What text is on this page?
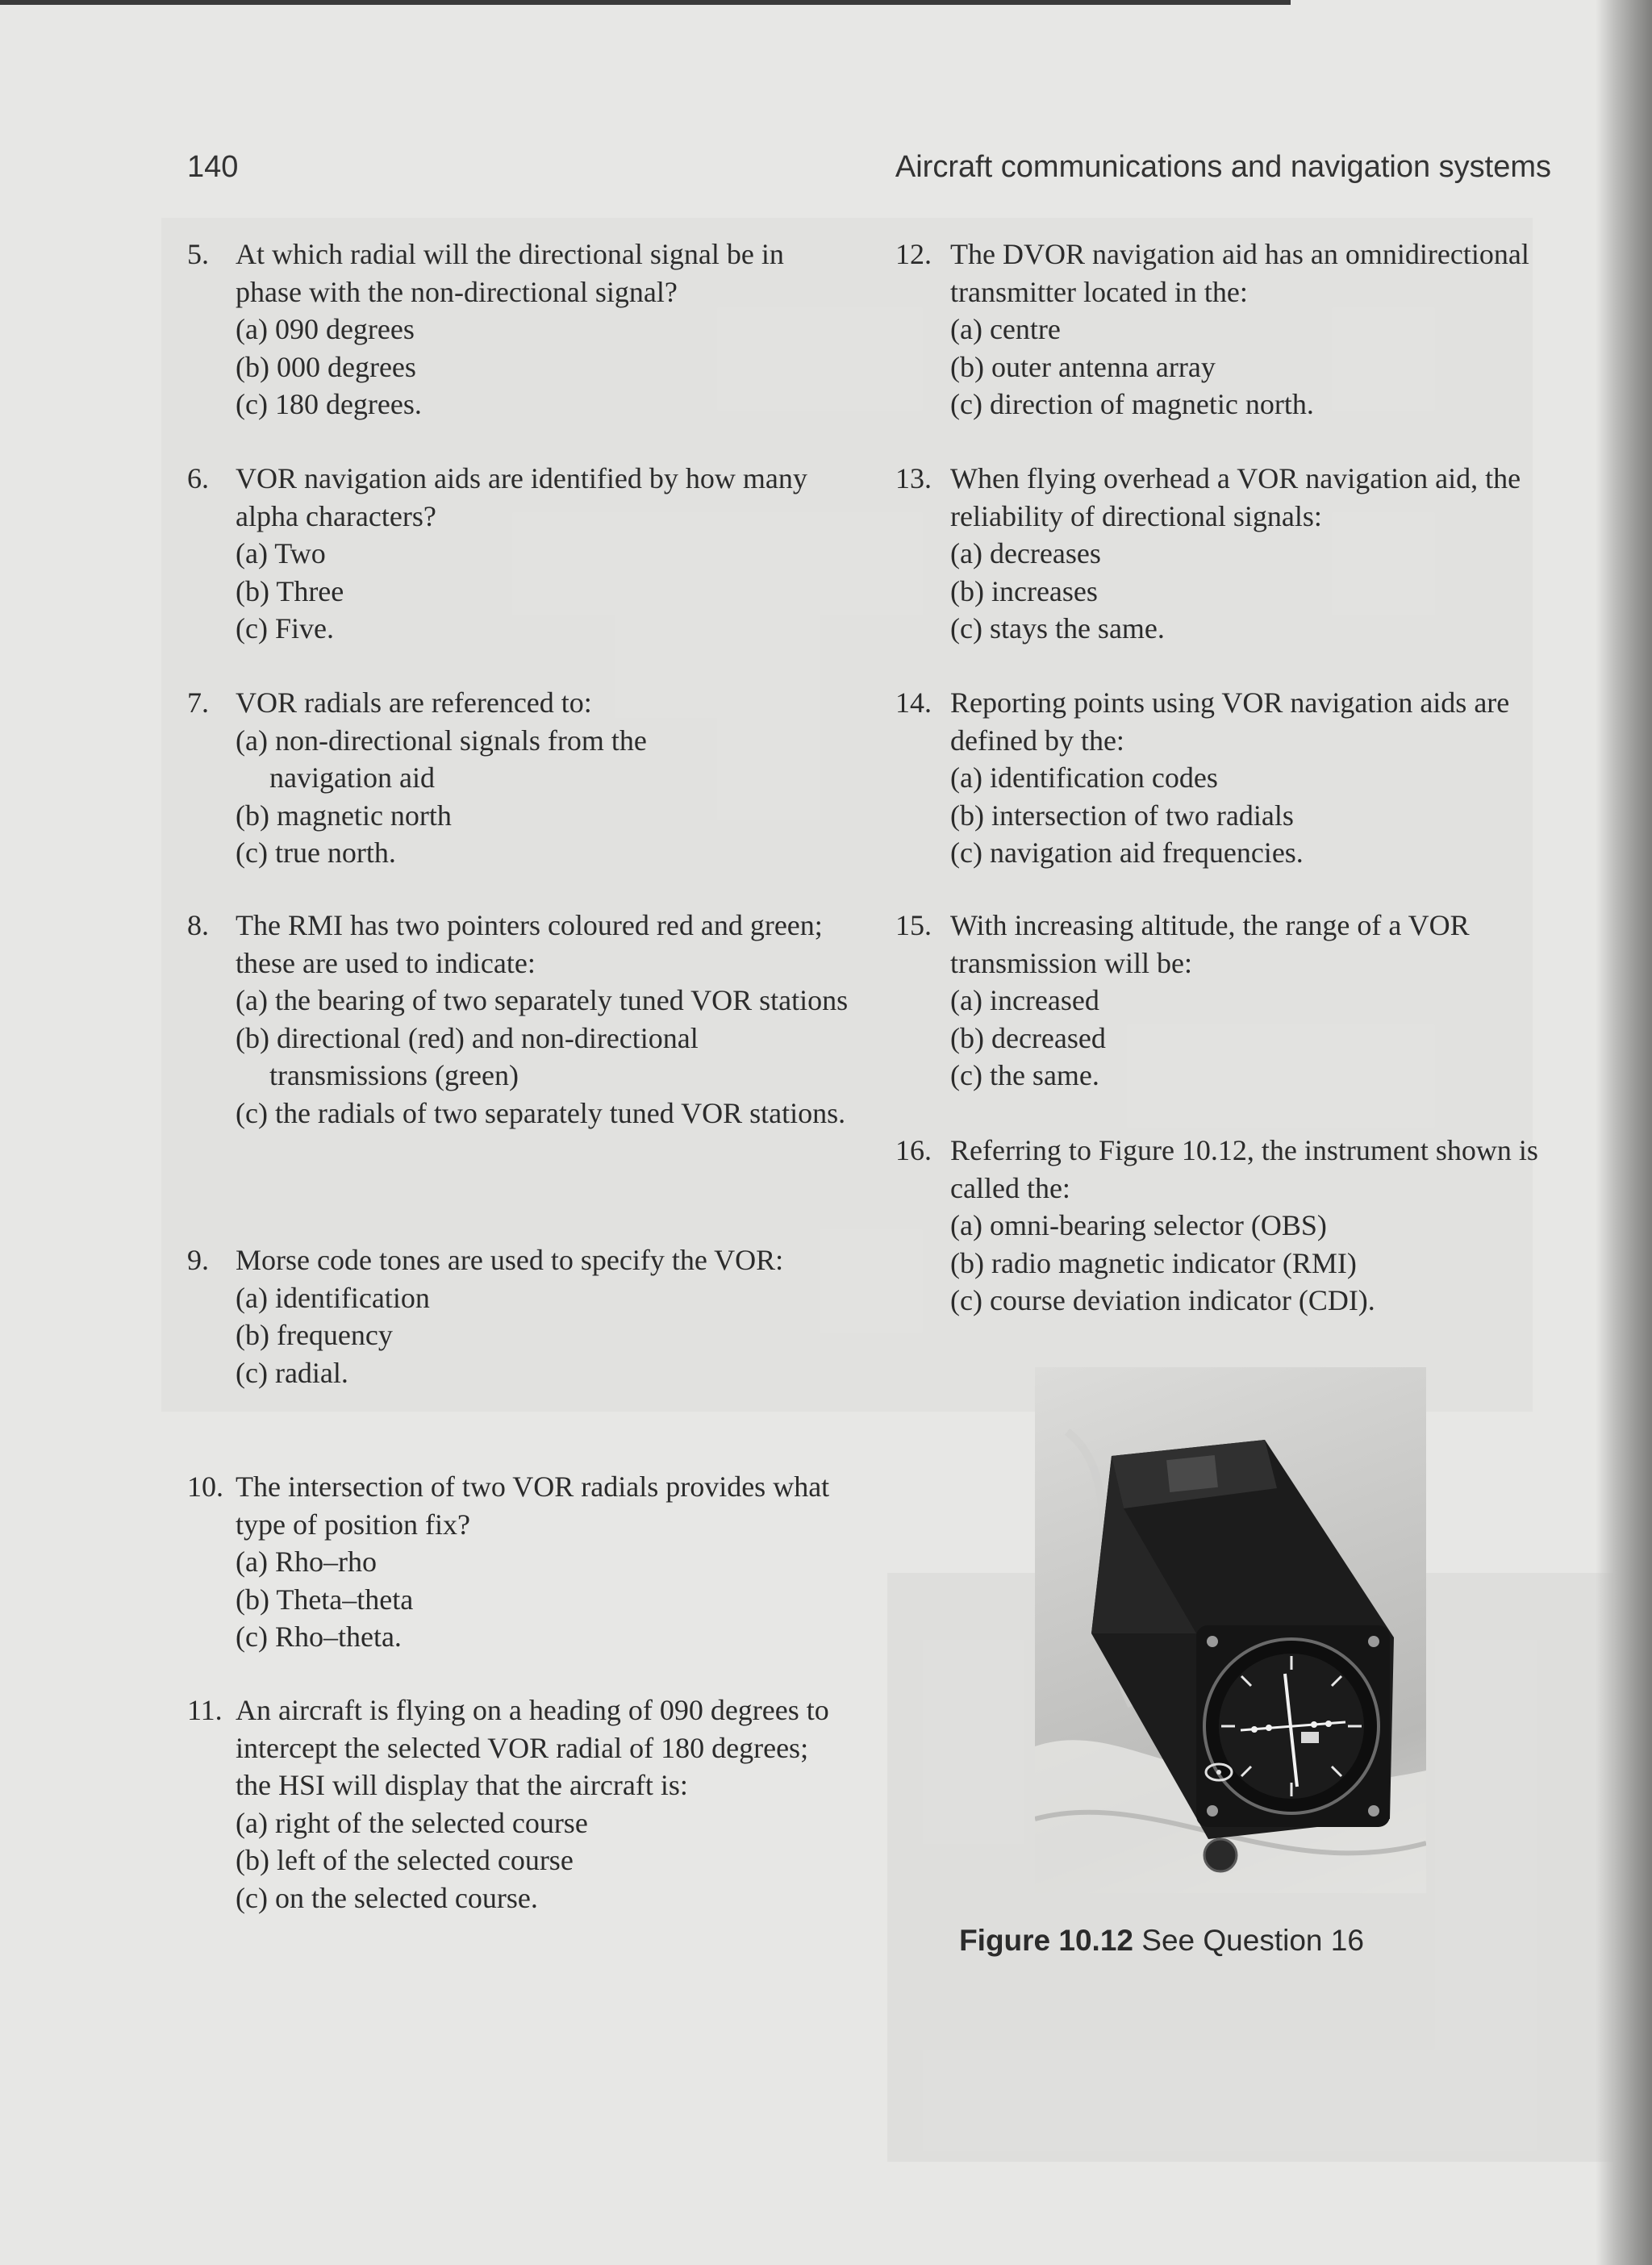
140	Aircraft communications and navigation systems
5. At which radial will the directional signal be in phase with the non-directional signal?
(a) 090 degrees
(b) 000 degrees
(c) 180 degrees.
6. VOR navigation aids are identified by how many alpha characters?
(a) Two
(b) Three
(c) Five.
7. VOR radials are referenced to:
(a) non-directional signals from the navigation aid
(b) magnetic north
(c) true north.
8. The RMI has two pointers coloured red and green; these are used to indicate:
(a) the bearing of two separately tuned VOR stations
(b) directional (red) and non-directional transmissions (green)
(c) the radials of two separately tuned VOR stations.
9. Morse code tones are used to specify the VOR:
(a) identification
(b) frequency
(c) radial.
10. The intersection of two VOR radials provides what type of position fix?
(a) Rho–rho
(b) Theta–theta
(c) Rho–theta.
11. An aircraft is flying on a heading of 090 degrees to intercept the selected VOR radial of 180 degrees; the HSI will display that the aircraft is:
(a) right of the selected course
(b) left of the selected course
(c) on the selected course.
12. The DVOR navigation aid has an omnidirectional transmitter located in the:
(a) centre
(b) outer antenna array
(c) direction of magnetic north.
13. When flying overhead a VOR navigation aid, the reliability of directional signals:
(a) decreases
(b) increases
(c) stays the same.
14. Reporting points using VOR navigation aids are defined by the:
(a) identification codes
(b) intersection of two radials
(c) navigation aid frequencies.
15. With increasing altitude, the range of a VOR transmission will be:
(a) increased
(b) decreased
(c) the same.
16. Referring to Figure 10.12, the instrument shown is called the:
(a) omni-bearing selector (OBS)
(b) radio magnetic indicator (RMI)
(c) course deviation indicator (CDI).
Figure 10.12 See Question 16
